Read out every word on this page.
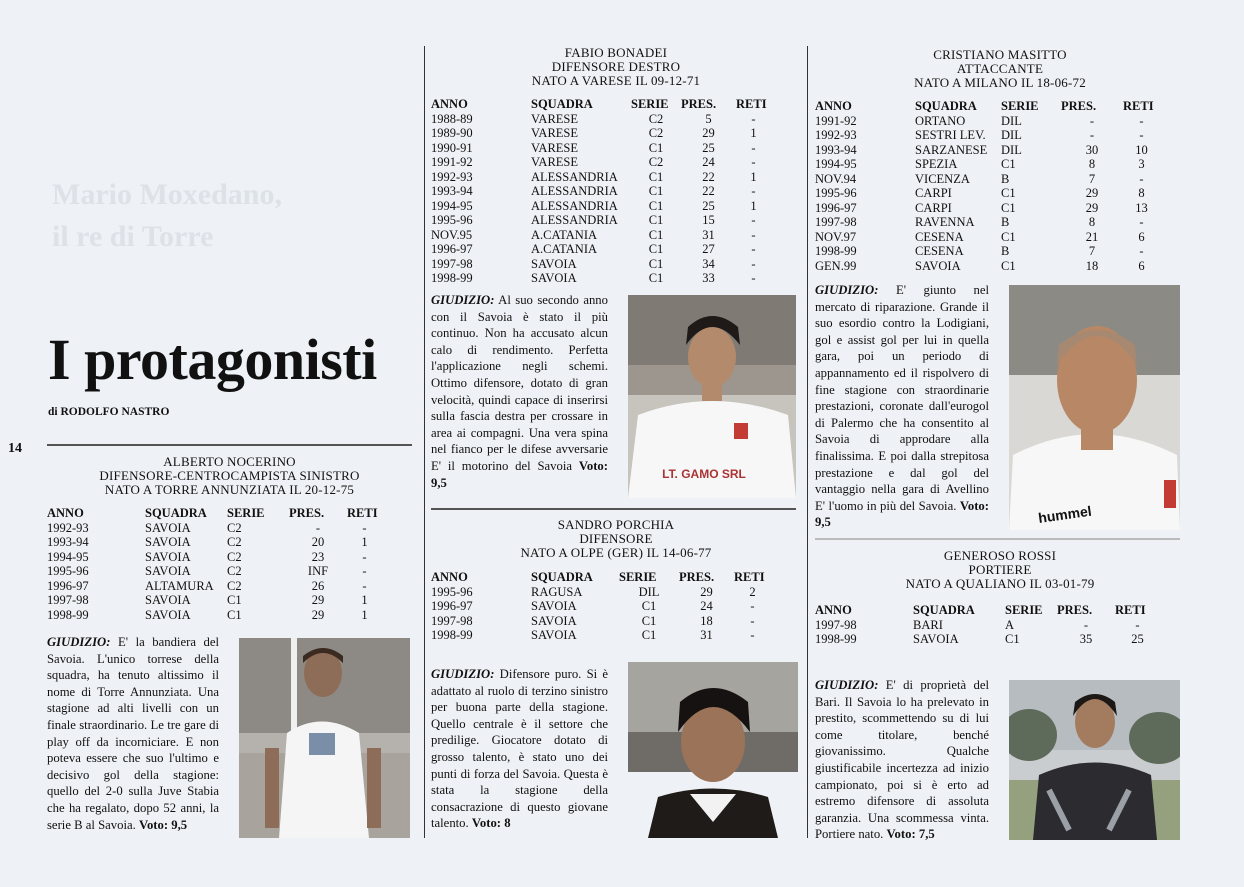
Mario Moxedano,
il re di Torre
I protagonisti
di RODOLFO NASTRO
14
ALBERTO NOCERINO
DIFENSORE-CENTROCAMPISTA SINISTRO
NATO A TORRE ANNUNZIATA IL 20-12-75
ANNO	SQUADRA	SERIE	PRES.	RETI
1992-93	SAVOIA	C2	-	-
1993-94	SAVOIA	C2	20	1
1994-95	SAVOIA	C2	23	-
1995-96	SAVOIA	C2	INF	-
1996-97	ALTAMURA	C2	26	-
1997-98	SAVOIA	C1	29	1
1998-99	SAVOIA	C1	29	1
GIUDIZIO: E' la bandiera del Savoia. L'unico torrese della squadra, ha tenuto altissimo il nome di Torre Annunziata. Una stagione ad alti livelli con un finale straordinario. Le tre gare di play off da incorniciare. E non poteva essere che suo l'ultimo e decisivo gol della stagione: quello del 2-0 sulla Juve Stabia che ha regalato, dopo 52 anni, la serie B al Savoia. Voto: 9,5
FABIO BONADEI
DIFENSORE DESTRO
NATO A VARESE IL 09-12-71
ANNO	SQUADRA	SERIE	PRES.	RETI
1988-89	VARESE	C2	5	-
1989-90	VARESE	C2	29	1
1990-91	VARESE	C1	25	-
1991-92	VARESE	C2	24	-
1992-93	ALESSANDRIA	C1	22	1
1993-94	ALESSANDRIA	C1	22	-
1994-95	ALESSANDRIA	C1	25	1
1995-96	ALESSANDRIA	C1	15	-
NOV.95	A.CATANIA	C1	31	-
1996-97	A.CATANIA	C1	27	-
1997-98	SAVOIA	C1	34	-
1998-99	SAVOIA	C1	33	-
GIUDIZIO: Al suo secondo anno con il Savoia è stato il più continuo. Non ha accusato alcun calo di rendimento. Perfetta l'applicazione negli schemi. Ottimo difensore, dotato di gran velocità, quindi capace di inserirsi sulla fascia destra per crossare in area ai compagni. Una vera spina nel fianco per le difese avversarie E' il motorino del Savoia Voto: 9,5
LT. GAMO SRL
SANDRO PORCHIA
DIFENSORE
NATO A OLPE (GER) IL 14-06-77
ANNO	SQUADRA	SERIE	PRES.	RETI
1995-96	RAGUSA	DIL	29	2
1996-97	SAVOIA	C1	24	-
1997-98	SAVOIA	C1	18	-
1998-99	SAVOIA	C1	31	-
GIUDIZIO: Difensore puro. Si è adattato al ruolo di terzino sinistro per buona parte della stagione. Quello centrale è il settore che predilige. Giocatore dotato di grosso talento, è stato uno dei punti di forza del Savoia. Questa è stata la stagione della consacrazione di questo giovane talento. Voto: 8
CRISTIANO MASITTO
ATTACCANTE
NATO A MILANO IL 18-06-72
ANNO	SQUADRA	SERIE	PRES.	RETI
1991-92	ORTANO	DIL	-	-
1992-93	SESTRI LEV.	DIL	-	-
1993-94	SARZANESE	DIL	30	10
1994-95	SPEZIA	C1	8	3
NOV.94	VICENZA	B	7	-
1995-96	CARPI	C1	29	8
1996-97	CARPI	C1	29	13
1997-98	RAVENNA	B	8	-
NOV.97	CESENA	C1	21	6
1998-99	CESENA	B	7	-
GEN.99	SAVOIA	C1	18	6
GIUDIZIO: E' giunto nel mercato di riparazione. Grande il suo esordio contro la Lodigiani, gol e assist gol per lui in quella gara, poi un periodo di appannamento ed il rispolvero di fine stagione con straordinarie prestazioni, coronate dall'eurogol di Palermo che ha consentito al Savoia di approdare alla finalissima. E poi dalla strepitosa prestazione e dal gol del vantaggio nella gara di Avellino E' l'uomo in più del Savoia. Voto: 9,5	hummel
GENEROSO ROSSI
PORTIERE
NATO A QUALIANO IL 03-01-79
ANNO	SQUADRA	SERIE	PRES.	RETI
1997-98	BARI	A	-	-
1998-99	SAVOIA	C1	35	25
GIUDIZIO: E' di proprietà del Bari. Il Savoia lo ha prelevato in prestito, scommettendo su di lui come titolare, benché giovanissimo. Qualche giustificabile incertezza ad inizio campionato, poi si è erto ad estremo difensore di assoluta garanzia. Una scommessa vinta. Portiere nato. Voto: 7,5
